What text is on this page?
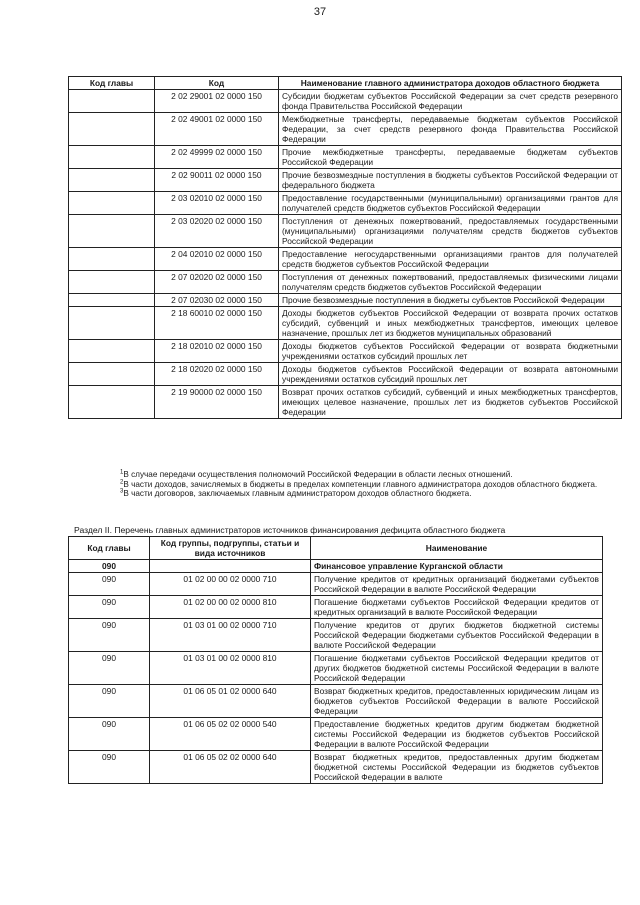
37
Код главы	Код	Наименование главного администратора доходов областного бюджета
	2 02 29001 02 0000 150	Субсидии бюджетам субъектов Российской Федерации за счет средств резервного фонда Правительства Российской Федерации
	2 02 49001 02 0000 150	Межбюджетные трансферты, передаваемые бюджетам субъектов Российской Федерации, за счет средств резервного фонда Правительства Российской Федерации
	2 02 49999 02 0000 150	Прочие межбюджетные трансферты, передаваемые бюджетам субъектов Российской Федерации
	2 02 90011 02 0000 150	Прочие безвозмездные поступления в бюджеты субъектов Российской Федерации от федерального бюджета
	2 03 02010 02 0000 150	Предоставление государственными (муниципальными) организациями грантов для получателей средств бюджетов субъектов Российской Федерации
	2 03 02020 02 0000 150	Поступления от денежных пожертвований, предоставляемых государственными (муниципальными) организациями получателям средств бюджетов субъектов Российской Федерации
	2 04 02010 02 0000 150	Предоставление негосударственными организациями грантов для получателей средств бюджетов субъектов Российской Федерации
	2 07 02020 02 0000 150	Поступления от денежных пожертвований, предоставляемых физическими лицами получателям средств бюджетов субъектов Российской Федерации
	2 07 02030 02 0000 150	Прочие безвозмездные поступления в бюджеты субъектов Российской Федерации
	2 18 60010 02 0000 150	Доходы бюджетов субъектов Российской Федерации от возврата прочих остатков субсидий, субвенций и иных межбюджетных трансфертов, имеющих целевое назначение, прошлых лет из бюджетов муниципальных образований
	2 18 02010 02 0000 150	Доходы бюджетов субъектов Российской Федерации от возврата бюджетными учреждениями остатков субсидий прошлых лет
	2 18 02020 02 0000 150	Доходы бюджетов субъектов Российской Федерации от возврата автономными учреждениями остатков субсидий прошлых лет
	2 19 90000 02 0000 150	Возврат прочих остатков субсидий, субвенций и иных межбюджетных трансфертов, имеющих целевое назначение, прошлых лет из бюджетов субъектов Российской Федерации

$^1$В случае передачи осуществления полномочий Российской Федерации в области лесных отношений.

$^2$В части доходов, зачисляемых в бюджеты в пределах компетенции главного администратора доходов областного бюджета.

$^3$В части договоров, заключаемых главным администратором доходов областного бюджета.

Раздел II. Перечень главных администраторов источников финансирования дефицита областного бюджета
Код главы	Код группы, подгруппы, статьи и вида источников	Наименование
090		Финансовое управление Курганской области
090	01 02 00 00 02 0000 710	Получение кредитов от кредитных организаций бюджетами субъектов Российской Федерации в валюте Российской Федерации
090	01 02 00 00 02 0000 810	Погашение бюджетами субъектов Российской Федерации кредитов от кредитных организаций в валюте Российской Федерации
090	01 03 01 00 02 0000 710	Получение кредитов от других бюджетов бюджетной системы Российской Федерации бюджетами субъектов Российской Федерации в валюте Российской Федерации
090	01 03 01 00 02 0000 810	Погашение бюджетами субъектов Российской Федерации кредитов от других бюджетов бюджетной системы Российской Федерации в валюте Российской Федерации
090	01 06 05 01 02 0000 640	Возврат бюджетных кредитов, предоставленных юридическим лицам из бюджетов субъектов Российской Федерации в валюте Российской Федерации
090	01 06 05 02 02 0000 540	Предоставление бюджетных кредитов другим бюджетам бюджетной системы Российской Федерации из бюджетов субъектов Российской Федерации в валюте Российской Федерации
090	01 06 05 02 02 0000 640	Возврат бюджетных кредитов, предоставленных другим бюджетам бюджетной системы Российской Федерации из бюджетов субъектов Российской Федерации в валюте
